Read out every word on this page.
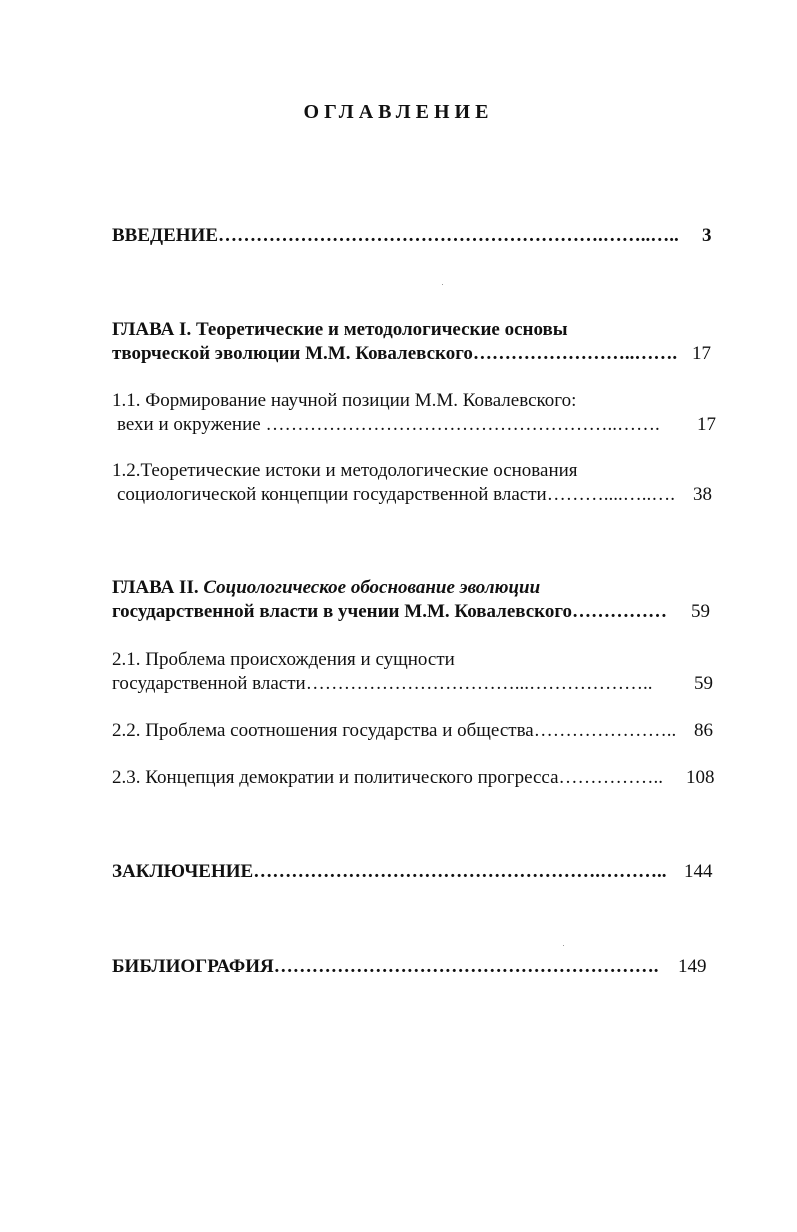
ОГЛАВЛЕНИЕ
ВВЕДЕНИЕ…………………………………………………….……..….. 3
ГЛАВА I. Теоретические и методологические основы
творческой эволюции М.М. Ковалевского……………………..……. 17
1.1. Формирование научной позиции М.М. Ковалевского:
вехи и окружение ………………………………………………..……. 17
1.2.Теоретические истоки и методологические основания
социологической концепции государственной власти………....…..…. 38
ГЛАВА II. Социологическое обоснование эволюции
государственной власти в учении М.М. Ковалевского…………… 59
2.1. Проблема происхождения и сущности
государственной власти……………………………...……………….. 59
2.2. Проблема соотношения государства и общества………………….. 86
2.3. Концепция демократии и политического прогресса…………….. 108
ЗАКЛЮЧЕНИЕ……………………………………………….……….. 144
БИБЛИОГРАФИЯ……………………………………………………. 149
